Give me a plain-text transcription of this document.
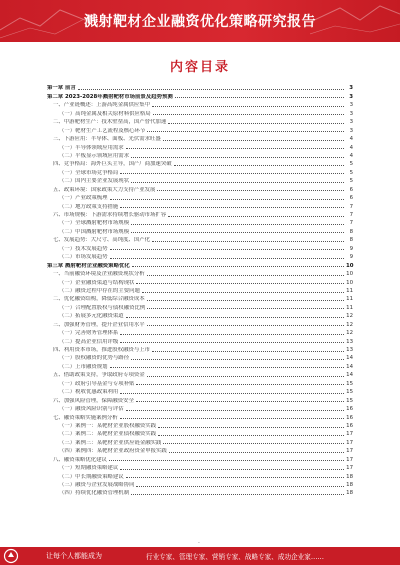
溅射靶材企业融资优化策略研究报告
内容目录
第一章 前言	3
第二章 2023-2028年溅射靶材市场前景及趋势预测	3
一、产业链概述：上游高纯金属供应集中	3
（一）高纯金属及相关原材料供应格局	3
二、中游靶材生产：技术壁垒高，国产替代加速	3
（一）靶材生产工艺流程及核心环节	3
三、下游应用：半导体、面板、光伏需求旺盛	4
（一）半导体领域应用需求	4
（二）平板显示领域应用需求	4
四、竞争格局：海外巨头主导，国产厂商加速突破	5
（一）全球市场竞争格局	5
（二）国内主要企业发展现状	5
五、政策环境：国家政策大力支持产业发展	6
（一）产业政策梳理	6
（二）地方政策支持措施	7
六、市场规模：下游需求持续增长驱动市场扩容	7
（一）全球溅射靶材市场规模	7
（二）中国溅射靶材市场规模	8
七、发展趋势：大尺寸、高纯度、国产化	8
（一）技术发展趋势	9
（二）市场发展趋势	9
第三章 溅射靶材企业融资策略优化	10
一、当前融资环境及企业融资现状分析	10
（一）企业融资渠道与结构现状	10
（二）融资过程中存在的主要问题	11
二、优化融资结构，降低综合融资成本	11
（一）合理配置股权与债权融资比例	11
（二）拓展多元化融资渠道	12
三、加强财务管理，提升企业信用水平	12
（一）完善财务管理体系	12
（二）提高企业信用评级	13
四、利用资本市场，推进股权融资与上市	13
（一）股权融资的优势与路径	14
（二）上市融资规划	14
五、借助政策支持，争取政府专项资金	14
（一）政府引导基金与专项补贴	15
（二）税收优惠政策利用	15
六、加强风险管理，保障融资安全	15
（一）融资风险识别与评估	16
七、融资策略实施案例分析	16
（一）案例一：某靶材企业股权融资实践	16
（二）案例二：某靶材企业债权融资实践	17
（三）案例三：某靶材企业供应链金融实践	17
（四）案例四：某靶材企业政府资金申报实践	17
八、融资策略优化建议	17
（一）短期融资策略建议	17
（二）中长期融资策略建议	18
（三）融资与企业发展战略协同	18
（四）持续优化融资管理机制	18
-
让每个人都能成为	行业专家、管理专家、营销专家、战略专家、成功企业家……
